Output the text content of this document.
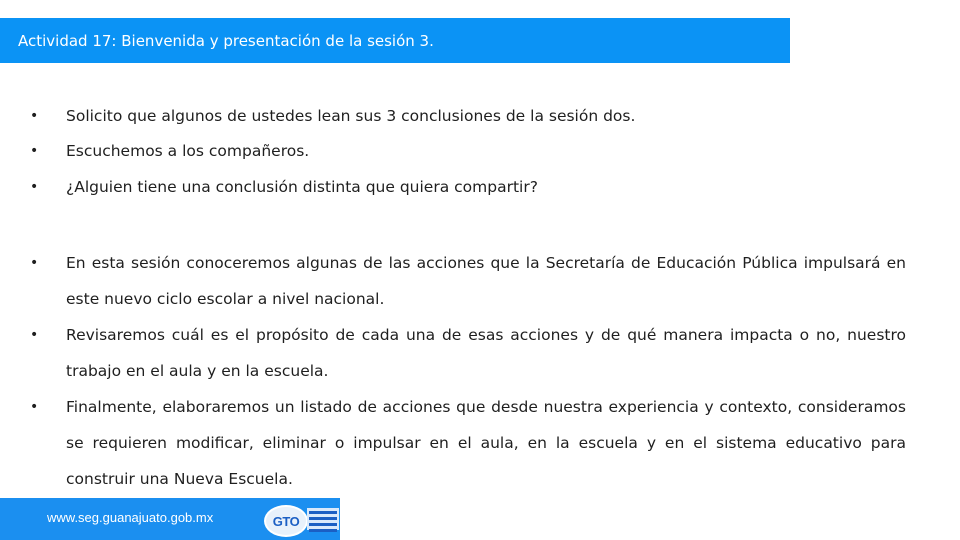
Actividad 17: Bienvenida y presentación de la sesión 3.
•	Solicito que algunos de ustedes lean sus 3 conclusiones de la sesión dos.
•	Escuchemos a los compañeros.
•	¿Alguien tiene una conclusión distinta que quiera compartir?
•	En esta sesión conoceremos algunas de las acciones que la Secretaría de Educación Pública impulsará en este nuevo ciclo escolar a nivel nacional.
•	Revisaremos cuál es el propósito de cada una de esas acciones y de qué manera impacta o no, nuestro trabajo en el aula y en la escuela.
•	Finalmente, elaboraremos un listado de acciones que desde nuestra experiencia y contexto, consideramos se requieren modificar, eliminar o impulsar en el aula, en la escuela y en el sistema educativo para construir una Nueva Escuela.
www.seg.guanajuato.gob.mx	GTO
